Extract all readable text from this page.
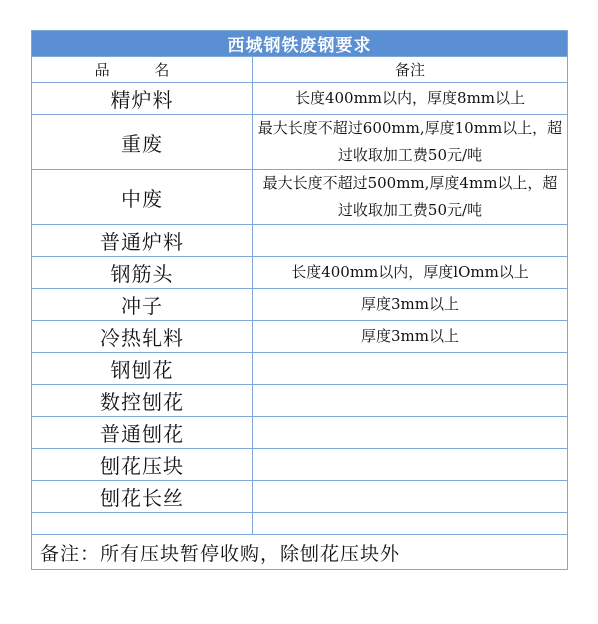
西城钢铁废钢要求	
品 名	备注
精炉料	长度400mm以内，厚度8mm以上
重废	最大长度不超过600mm,厚度10mm以上，超过收取加工费50元/吨
中废	最大长度不超过500mm,厚度4mm以上，超过收取加工费50元/吨
普通炉料	
钢筋头	长度400mm以内，厚度lOmm以上
冲子	厚度3mm以上
冷热轧料	厚度3mm以上
钢刨花	
数控刨花	
普通刨花	
刨花压块	
刨花长丝	

备注：所有压块暂停收购，除刨花压块外	
